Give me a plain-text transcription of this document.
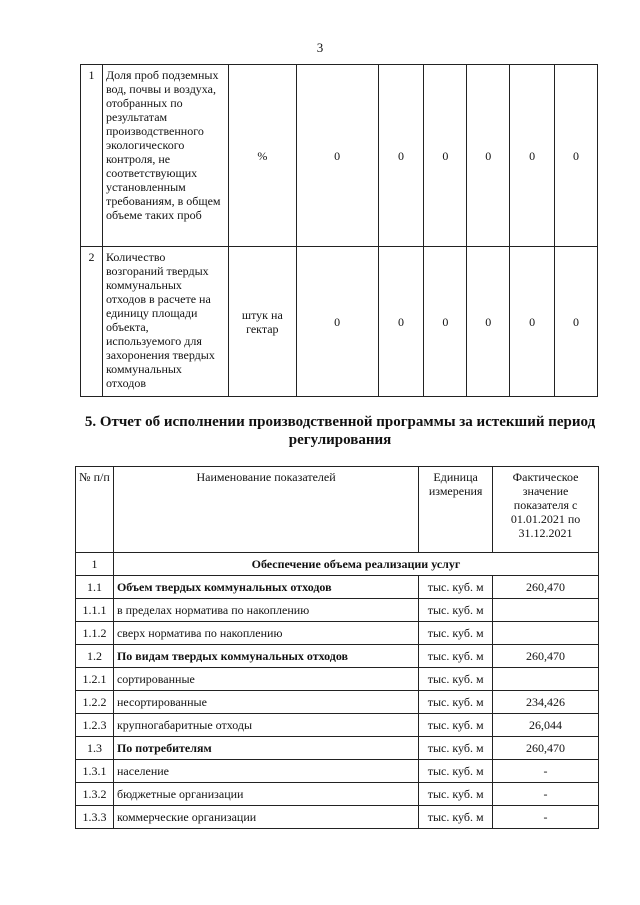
3
1	Доля проб подземных вод, почвы и воздуха, отобранных по результатам производственного экологического контроля, не соответствующих установленным требованиям, в общем объеме таких проб	%	0	0	0	0	0	0
2	Количество возгораний твердых коммунальных отходов в расчете на единицу площади объекта, используемого для захоронения твердых коммунальных отходов	штук на гектар	0	0	0	0	0	0
5. Отчет об исполнении производственной программы за истекший период регулирования
№ п/п	Наименование показателей	Единица измерения	Фактическое значение показателя с 01.01.2021 по 31.12.2021
1	Обеспечение объема реализации услуг		
1.1	Объем твердых коммунальных отходов	тыс. куб. м	260,470
1.1.1	в пределах норматива по накоплению	тыс. куб. м	
1.1.2	сверх норматива по накоплению	тыс. куб. м	
1.2	По видам твердых коммунальных отходов	тыс. куб. м	260,470
1.2.1	сортированные	тыс. куб. м	
1.2.2	несортированные	тыс. куб. м	234,426
1.2.3	крупногабаритные отходы	тыс. куб. м	26,044
1.3	По потребителям	тыс. куб. м	260,470
1.3.1	население	тыс. куб. м	-
1.3.2	бюджетные организации	тыс. куб. м	-
1.3.3	коммерческие организации	тыс. куб. м	-
